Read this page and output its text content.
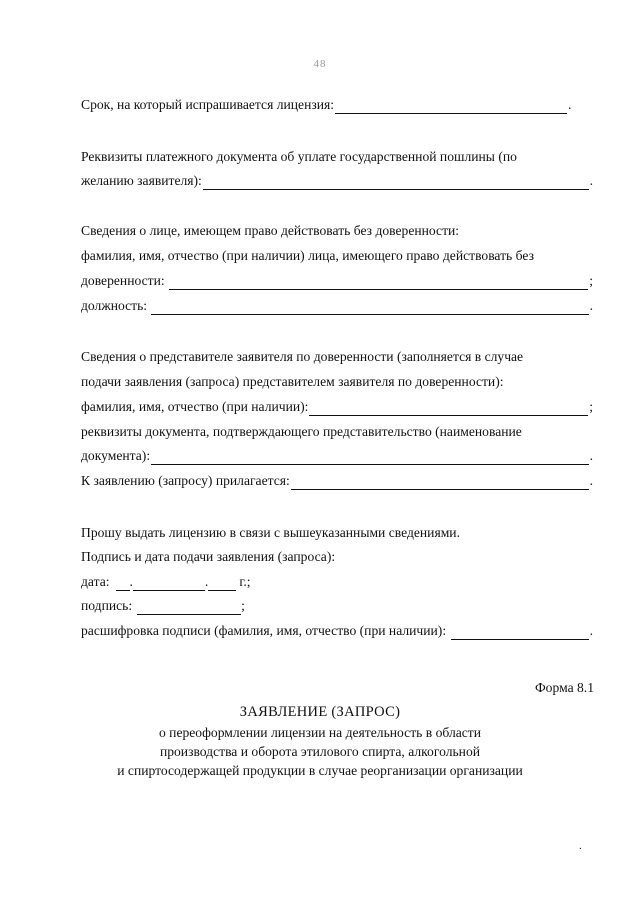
48
Срок, на который испрашивается лицензия:	.
Реквизиты платежного документа об уплате государственной пошлины (по
желанию заявителя):	.
Сведения о лице, имеющем право действовать без доверенности:
фамилия, имя, отчество (при наличии) лица, имеющего право действовать без
доверенности:	;
должность:	.
Сведения о представителе заявителя по доверенности (заполняется в случае
подачи заявления (запроса) представителем заявителя по доверенности):
фамилия, имя, отчество (при наличии):	;
реквизиты документа, подтверждающего представительство (наименование
документа):	.
К заявлению (запросу) прилагается:	.
Прошу выдать лицензию в связи с вышеуказанными сведениями.
Подпись и дата подачи заявления (запроса):
дата: .	. г.;
подпись:	;
расшифровка подписи (фамилия, имя, отчество (при наличии):	.
Форма 8.1
ЗАЯВЛЕНИЕ (ЗАПРОС)
о переоформлении лицензии на деятельность в области
производства и оборота этилового спирта, алкогольной
и спиртосодержащей продукции в случае реорганизации организации
.
